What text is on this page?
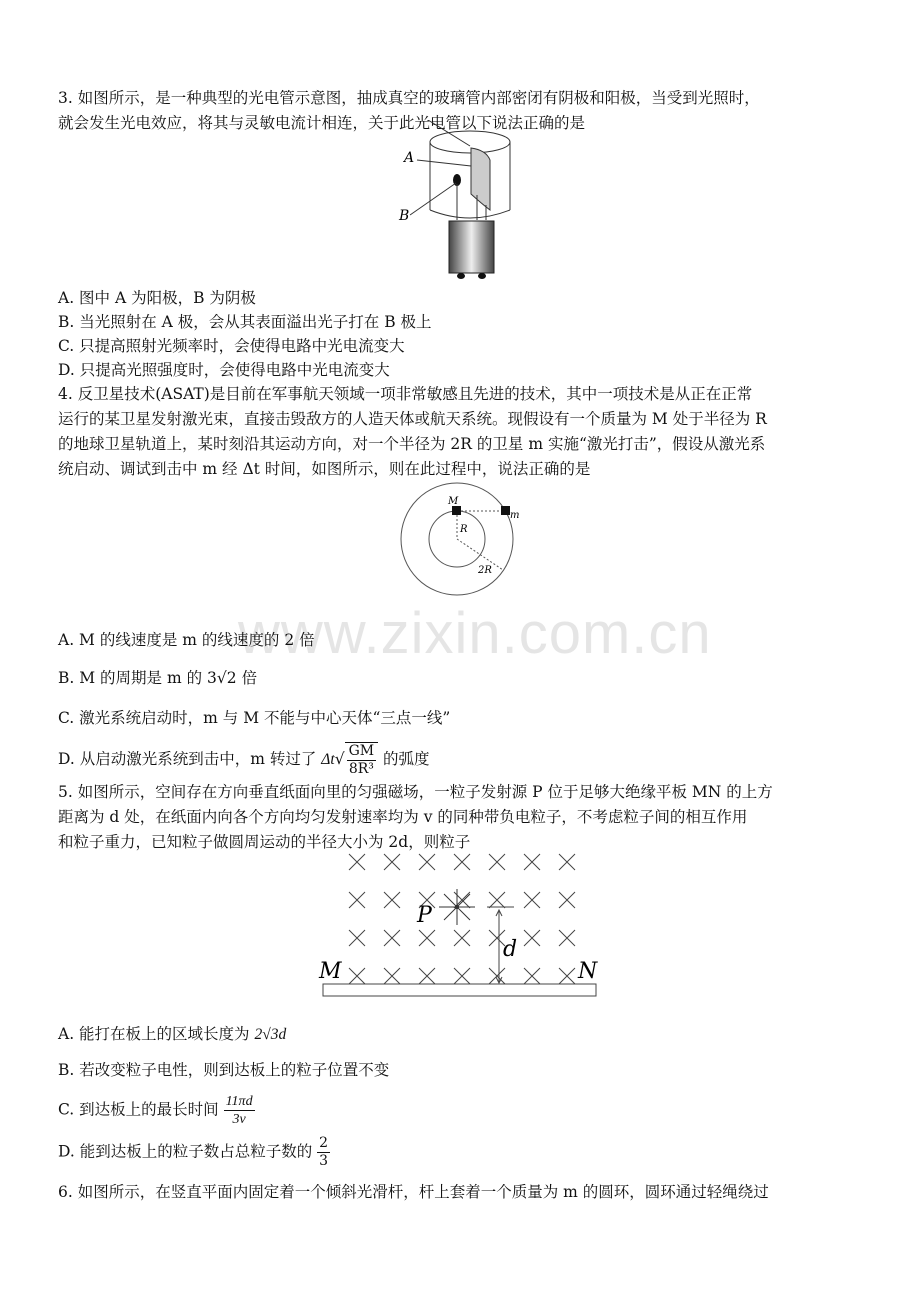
www.zixin.com.cn
3. 如图所示，是一种典型的光电管示意图，抽成真空的玻璃管内部密闭有阴极和阳极，当受到光照时，
就会发生光电效应，将其与灵敏电流计相连，关于此光电管以下说法正确的是
A
B
A. 图中 A 为阳极，B 为阴极
B. 当光照射在 A 极，会从其表面溢出光子打在 B 极上
C. 只提高照射光频率时，会使得电路中光电流变大
D. 只提高光照强度时，会使得电路中光电流变大
4. 反卫星技术(ASAT)是目前在军事航天领域一项非常敏感且先进的技术，其中一项技术是从正在正常
运行的某卫星发射激光束，直接击毁敌方的人造天体或航天系统。现假设有一个质量为 M 处于半径为 R
的地球卫星轨道上，某时刻沿其运动方向，对一个半径为 2R 的卫星 m 实施“激光打击”，假设从激光系
统启动、调试到击中 m 经 Δt 时间，如图所示，则在此过程中，说法正确的是
M
m
R
2R
A. M 的线速度是 m 的线速度的 2 倍
B. M 的周期是 m 的 3√2 倍
C. 激光系统启动时，m 与 M 不能与中心天体“三点一线”
D. 从启动激光系统到击中，m 转过了 $\Delta t√ \frac{GM}{\text{8R³}}$ 的弧度
5. 如图所示，空间存在方向垂直纸面向里的匀强磁场，一粒子发射源 P 位于足够大绝缘平板 MN 的上方
距离为 d 处，在纸面内向各个方向均匀发射速率均为 v 的同种带负电粒子，不考虑粒子间的相互作用
和粒子重力，已知粒子做圆周运动的半径大小为 2d，则粒子
P
d
M	N
A. 能打在板上的区域长度为 2√3d
B. 若改变粒子电性，则到达板上的粒子位置不变
C. 到达板上的最长时间 $\frac{11\pi d}{3v}$
D. 能到达板上的粒子数占总粒子数的 $\frac{2}{3}$
6. 如图所示，在竖直平面内固定着一个倾斜光滑杆，杆上套着一个质量为 m 的圆环，圆环通过轻绳绕过
